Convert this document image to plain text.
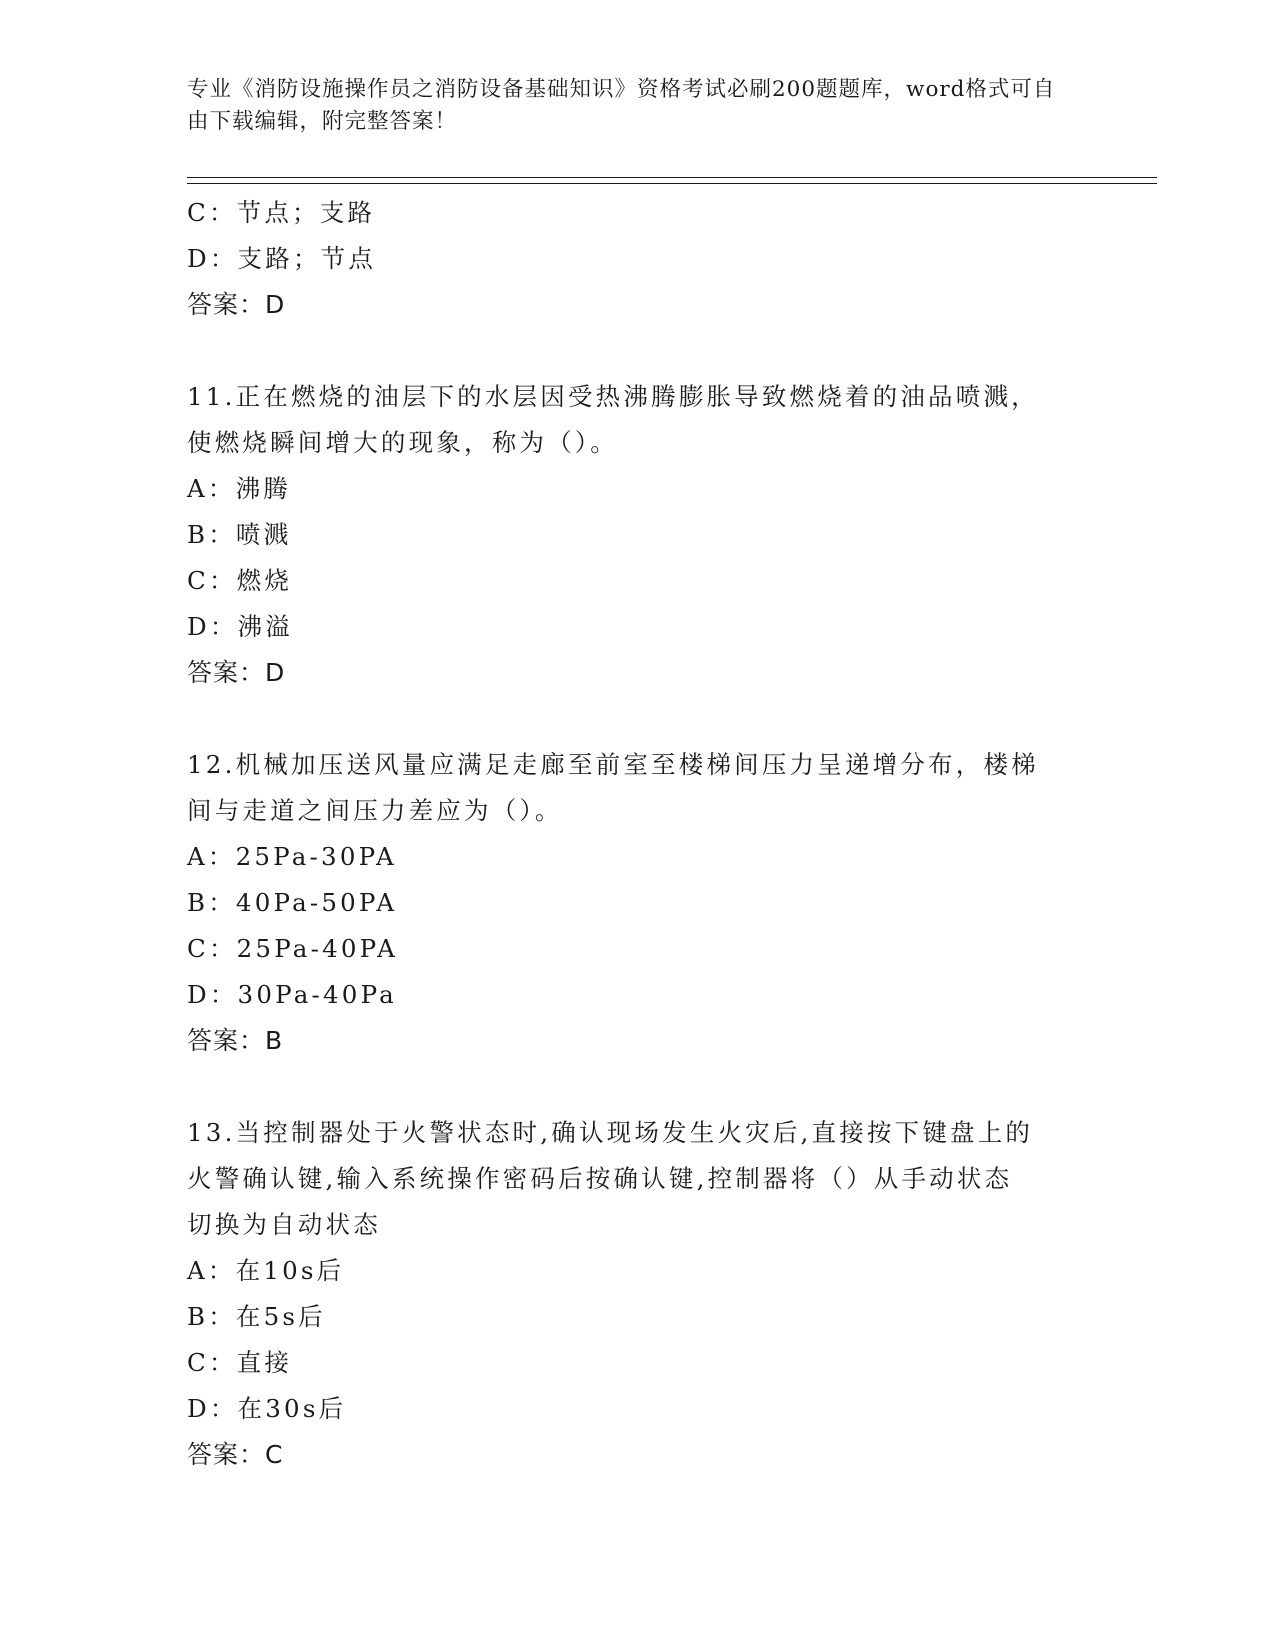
专业《消防设施操作员之消防设备基础知识》资格考试必刷200题题库，word格式可自由下载编辑，附完整答案！
C：节点；支路
D：支路；节点
答案：D
11.正在燃烧的油层下的水层因受热沸腾膨胀导致燃烧着的油品喷溅，
使燃烧瞬间增大的现象，称为（）。
A：沸腾
B：喷溅
C：燃烧
D：沸溢
答案：D
12.机械加压送风量应满足走廊至前室至楼梯间压力呈递增分布，楼梯
间与走道之间压力差应为（）。
A：25Pa-30PA
B：40Pa-50PA
C：25Pa-40PA
D：30Pa-40Pa
答案：B
13.当控制器处于火警状态时,确认现场发生火灾后,直接按下键盘上的
火警确认键,输入系统操作密码后按确认键,控制器将（）从手动状态
切换为自动状态
A：在10s后
B：在5s后
C：直接
D：在30s后
答案：C
